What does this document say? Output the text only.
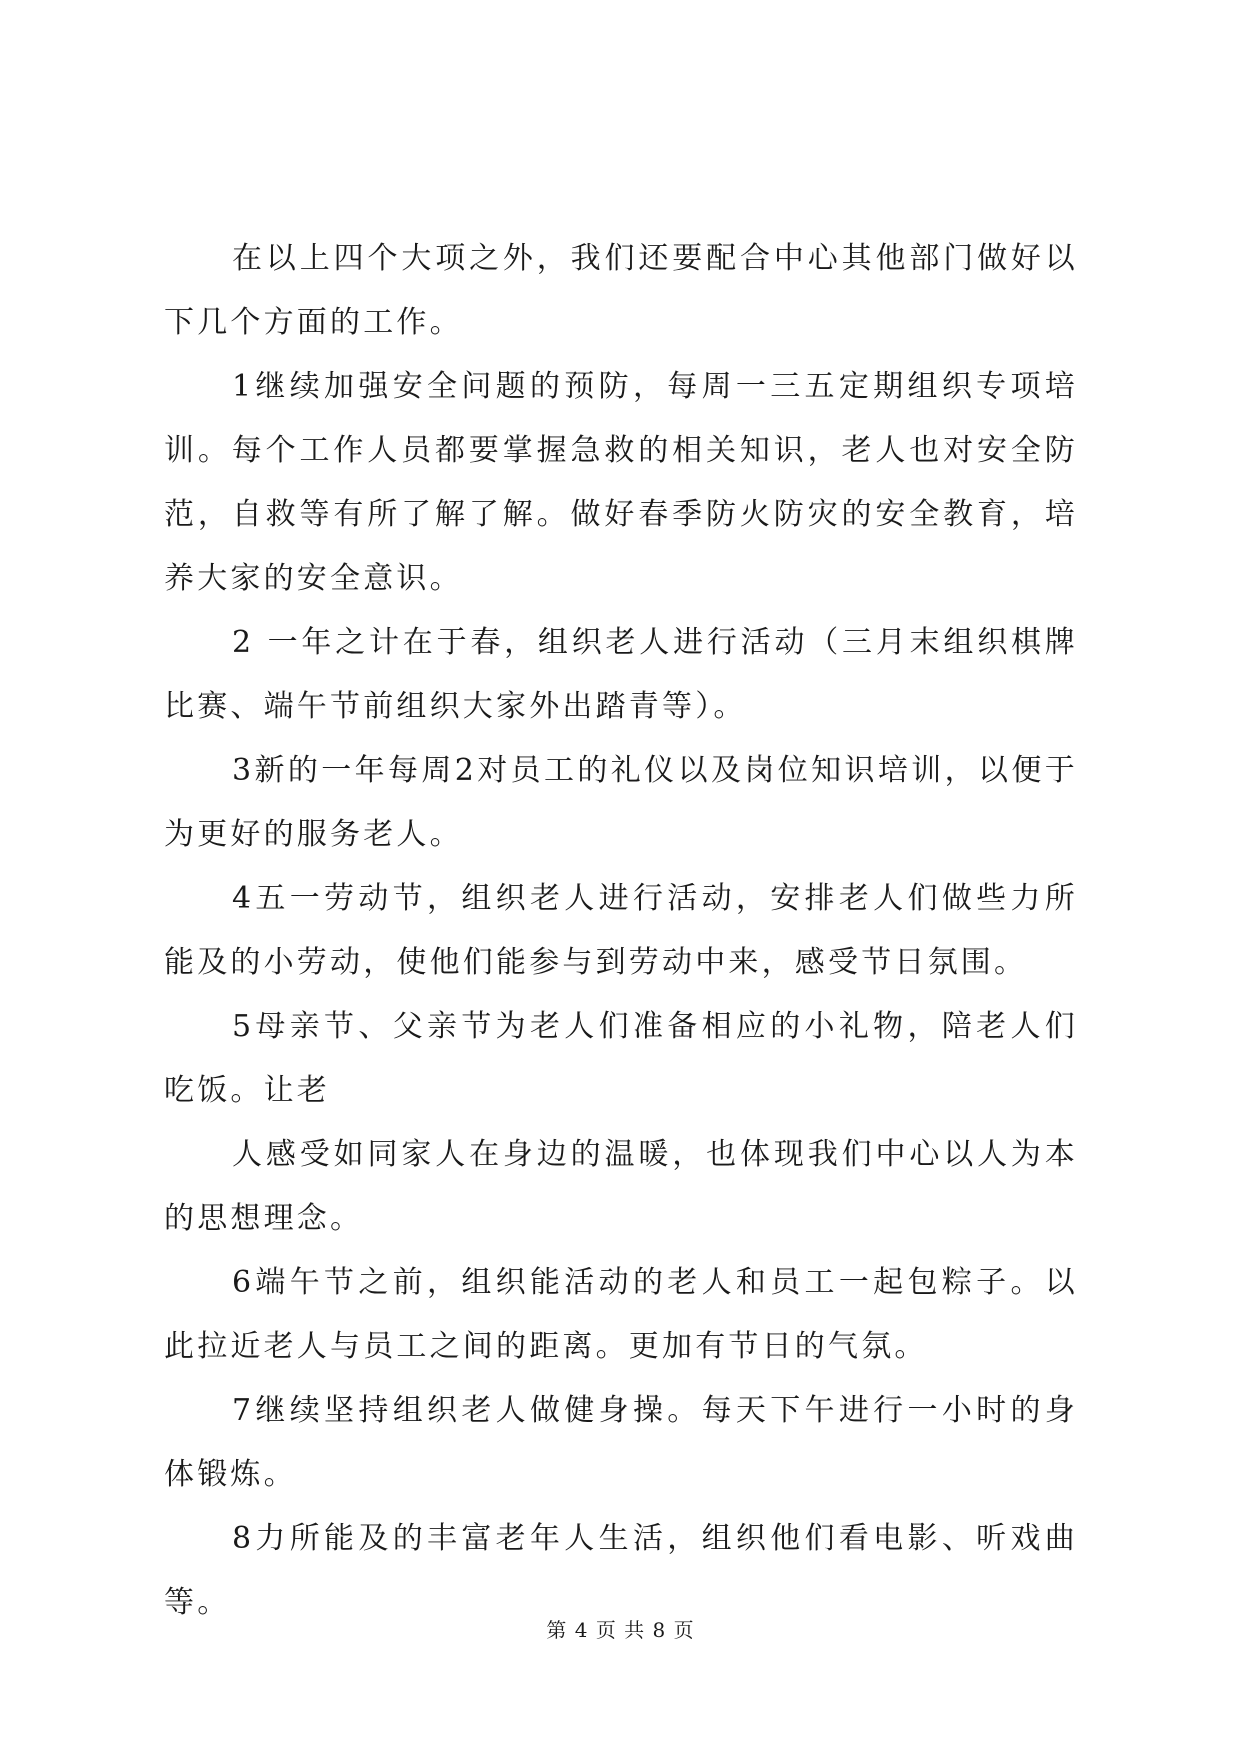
在以上四个大项之外，我们还要配合中心其他部门做好以下几个方面的工作。

1继续加强安全问题的预防，每周一三五定期组织专项培训。每个工作人员都要掌握急救的相关知识，老人也对安全防范，自救等有所了解了解。做好春季防火防灾的安全教育，培养大家的安全意识。

2 一年之计在于春，组织老人进行活动（三月末组织棋牌比赛、端午节前组织大家外出踏青等）。

3新的一年每周2对员工的礼仪以及岗位知识培训，以便于为更好的服务老人。

4五一劳动节，组织老人进行活动，安排老人们做些力所能及的小劳动，使他们能参与到劳动中来，感受节日氛围。

5母亲节、父亲节为老人们准备相应的小礼物，陪老人们吃饭。让老

人感受如同家人在身边的温暖，也体现我们中心以人为本的思想理念。

6端午节之前，组织能活动的老人和员工一起包粽子。以此拉近老人与员工之间的距离。更加有节日的气氛。

7继续坚持组织老人做健身操。每天下午进行一小时的身体锻炼。

8力所能及的丰富老年人生活，组织他们看电影、听戏曲等。

第 4 页 共 8 页
